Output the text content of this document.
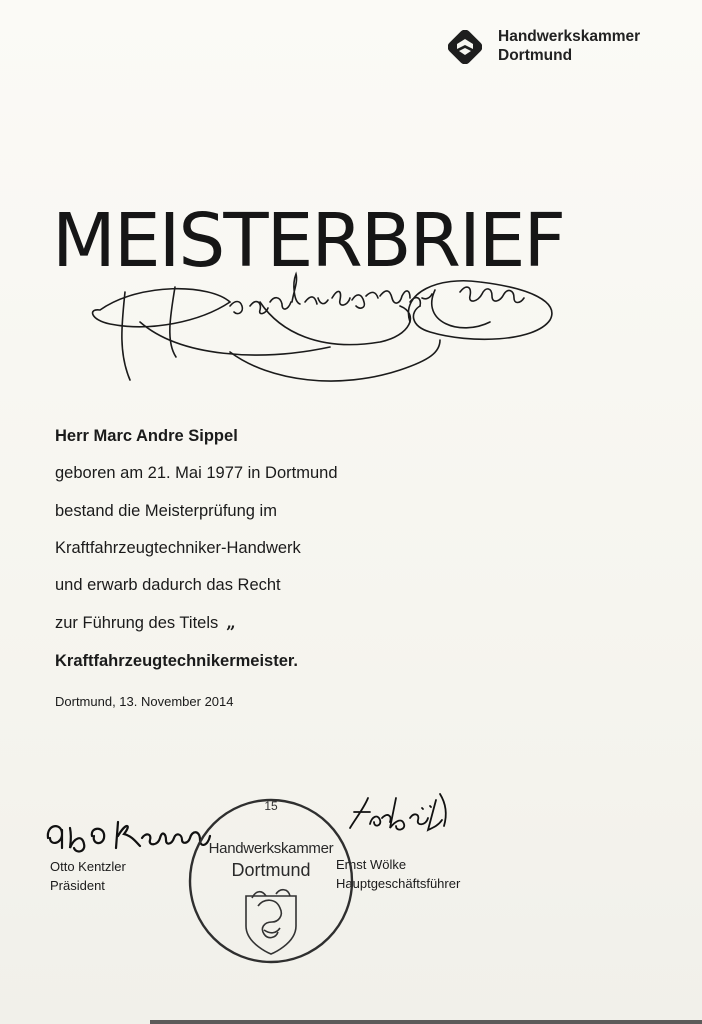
Handwerkskammer
Dortmund
MEISTERBRIEF
Herr Marc Andre Sippel
geboren am 21. Mai 1977 in Dortmund
bestand die Meisterprüfung im
Kraftfahrzeugtechniker-Handwerk
und erwarb dadurch das Recht
zur Führung des Titels „
Kraftfahrzeugtechnikermeister.
Dortmund, 13. November 2014
Otto Kentzler
Präsident
Ernst Wölke
Hauptgeschäftsführer
15
Handwerkskammer
Dortmund
